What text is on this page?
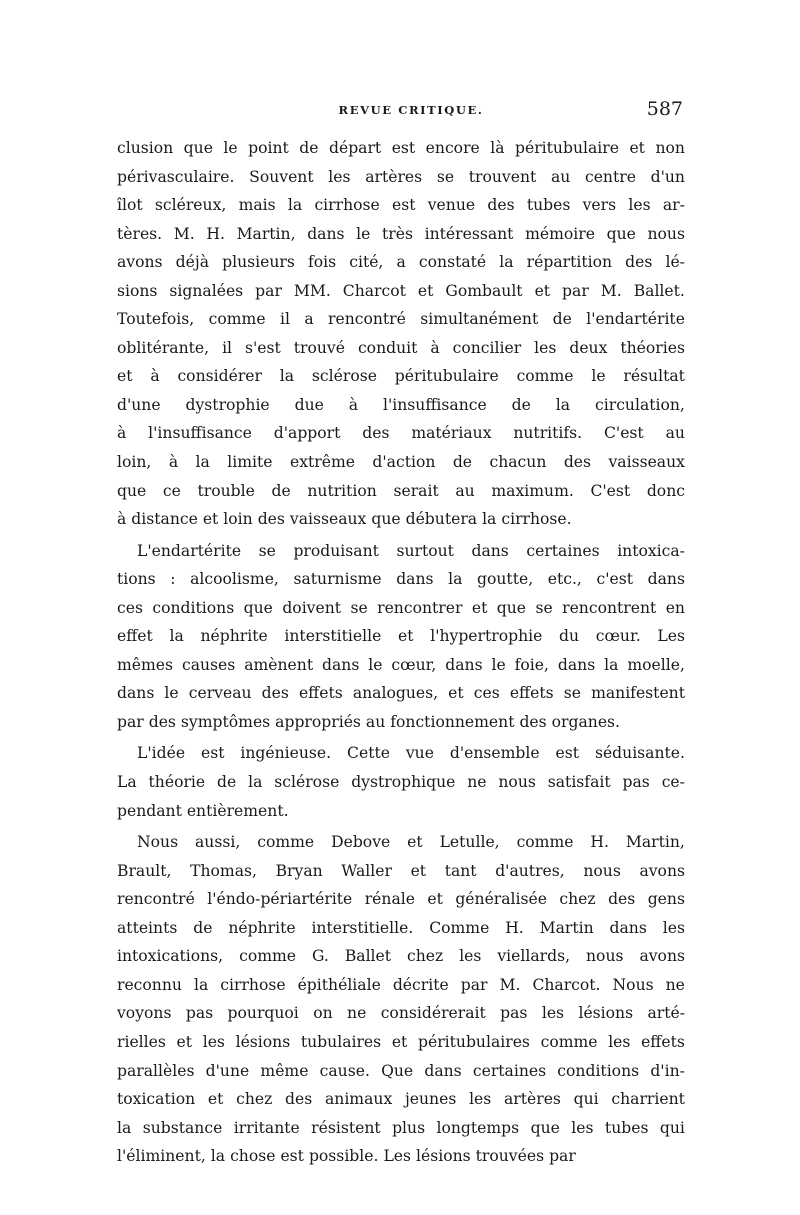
REVUE CRITIQUE.	587
clusion que le point de départ est encore là péritubulaire et non
périvasculaire. Souvent les artères se trouvent au centre d'un
îlot scléreux, mais la cirrhose est venue des tubes vers les ar-
tères. M. H. Martin, dans le très intéressant mémoire que nous
avons déjà plusieurs fois cité, a constaté la répartition des lé-
sions signalées par MM. Charcot et Gombault et par M. Ballet.
Toutefois, comme il a rencontré simultanément de l'endartérite
oblitérante, il s'est trouvé conduit à concilier les deux théories
et à considérer la sclérose péritubulaire comme le résultat
d'une dystrophie due à l'insuffisance de la circulation,
à l'insuffisance d'apport des matériaux nutritifs. C'est au
loin, à la limite extrême d'action de chacun des vaisseaux
que ce trouble de nutrition serait au maximum. C'est donc
à distance et loin des vaisseaux que débutera la cirrhose.
L'endartérite se produisant surtout dans certaines intoxica-
tions : alcoolisme, saturnisme dans la goutte, etc., c'est dans
ces conditions que doivent se rencontrer et que se rencontrent en
effet la néphrite interstitielle et l'hypertrophie du cœur. Les
mêmes causes amènent dans le cœur, dans le foie, dans la moelle,
dans le cerveau des effets analogues, et ces effets se manifestent
par des symptômes appropriés au fonctionnement des organes.
L'idée est ingénieuse. Cette vue d'ensemble est séduisante.
La théorie de la sclérose dystrophique ne nous satisfait pas ce-
pendant entièrement.
Nous aussi, comme Debove et Letulle, comme H. Martin,
Brault, Thomas, Bryan Waller et tant d'autres, nous avons
rencontré l'éndo-périartérite rénale et généralisée chez des gens
atteints de néphrite interstitielle. Comme H. Martin dans les
intoxications, comme G. Ballet chez les viellards, nous avons
reconnu la cirrhose épithéliale décrite par M. Charcot. Nous ne
voyons pas pourquoi on ne considérerait pas les lésions arté-
rielles et les lésions tubulaires et péritubulaires comme les effets
parallèles d'une même cause. Que dans certaines conditions d'in-
toxication et chez des animaux jeunes les artères qui charrient
la substance irritante résistent plus longtemps que les tubes qui
l'éliminent, la chose est possible. Les lésions trouvées par
